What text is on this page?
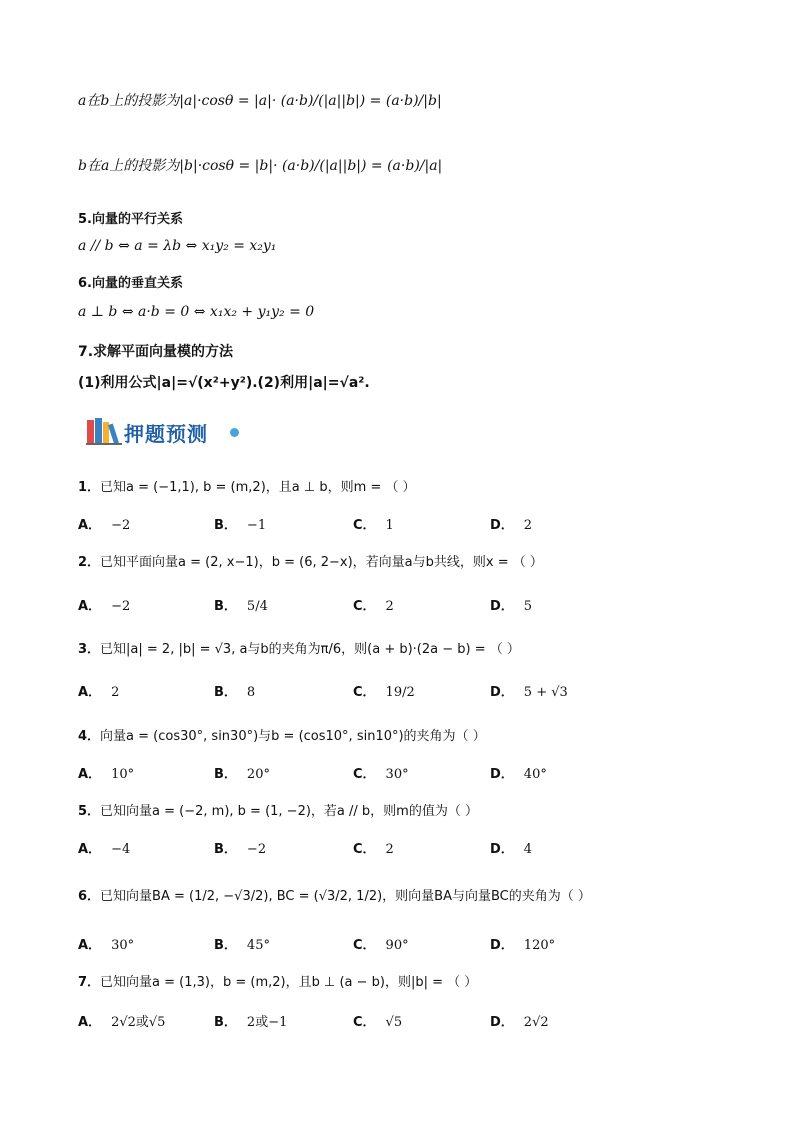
a在b上的投影为|a|·cosθ = |a|· (a·b)/(|a||b|) = (a·b)/|b|
b在a上的投影为|b|·cosθ = |b|· (a·b)/(|a||b|) = (a·b)/|a|
5.向量的平行关系
a // b ⇔ a = λb ⇔ x₁y₂ = x₂y₁
6.向量的垂直关系
a ⊥ b ⇔ a·b = 0 ⇔ x₁x₂ + y₁y₂ = 0
7.求解平面向量模的方法
(1)利用公式|a|=√(x²+y²).(2)利用|a|=√a².
押题预测
1．已知a = (−1,1), b = (m,2)，且a ⊥ b，则m = （ ）
A． −2	B． −1	C． 1	D． 2
2．已知平面向量a = (2, x−1)，b = (6, 2−x)，若向量a与b共线，则x = （ ）
A． −2	B． 5/4	C． 2	D． 5
3．已知|a| = 2, |b| = √3, a与b的夹角为π/6，则(a + b)·(2a − b) = （ ）
A． 2	B． 8	C． 19/2	D． 5 + √3
4．向量a = (cos30°, sin30°)与b = (cos10°, sin10°)的夹角为（ ）
A． 10°	B． 20°	C． 30°	D． 40°
5．已知向量a = (−2, m), b = (1, −2)，若a // b，则m的值为（ ）
A． −4	B． −2	C． 2	D． 4
6．已知向量BA = (1/2, −√3/2), BC = (√3/2, 1/2)，则向量BA与向量BC的夹角为（ ）
A． 30°	B． 45°	C． 90°	D． 120°
7．已知向量a = (1,3)，b = (m,2)，且b ⊥ (a − b)，则|b| = （ ）
A． 2√2或√5	B． 2或−1	C． √5	D． 2√2
